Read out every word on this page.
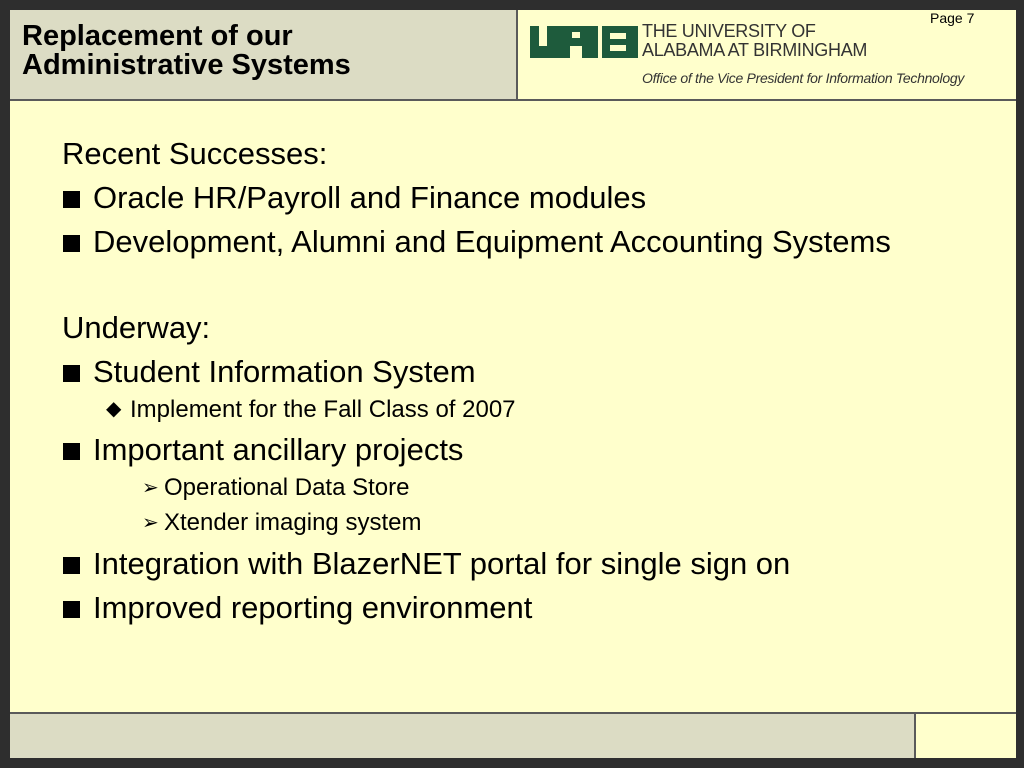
Replacement of our
Administrative Systems
THE UNIVERSITY OF
ALABAMA AT BIRMINGHAM
Office of the Vice President for Information Technology

Recent Successes:

Oracle HR/Payroll and Finance modules
Development, Alumni and Equipment Accounting Systems

Underway:

Student Information System
◆ Implement for the Fall Class of 2007
Important ancillary projects
➢ Operational Data Store
➢ Xtender imaging system
Integration with BlazerNET portal for single sign on
Improved reporting environment
Page 7
